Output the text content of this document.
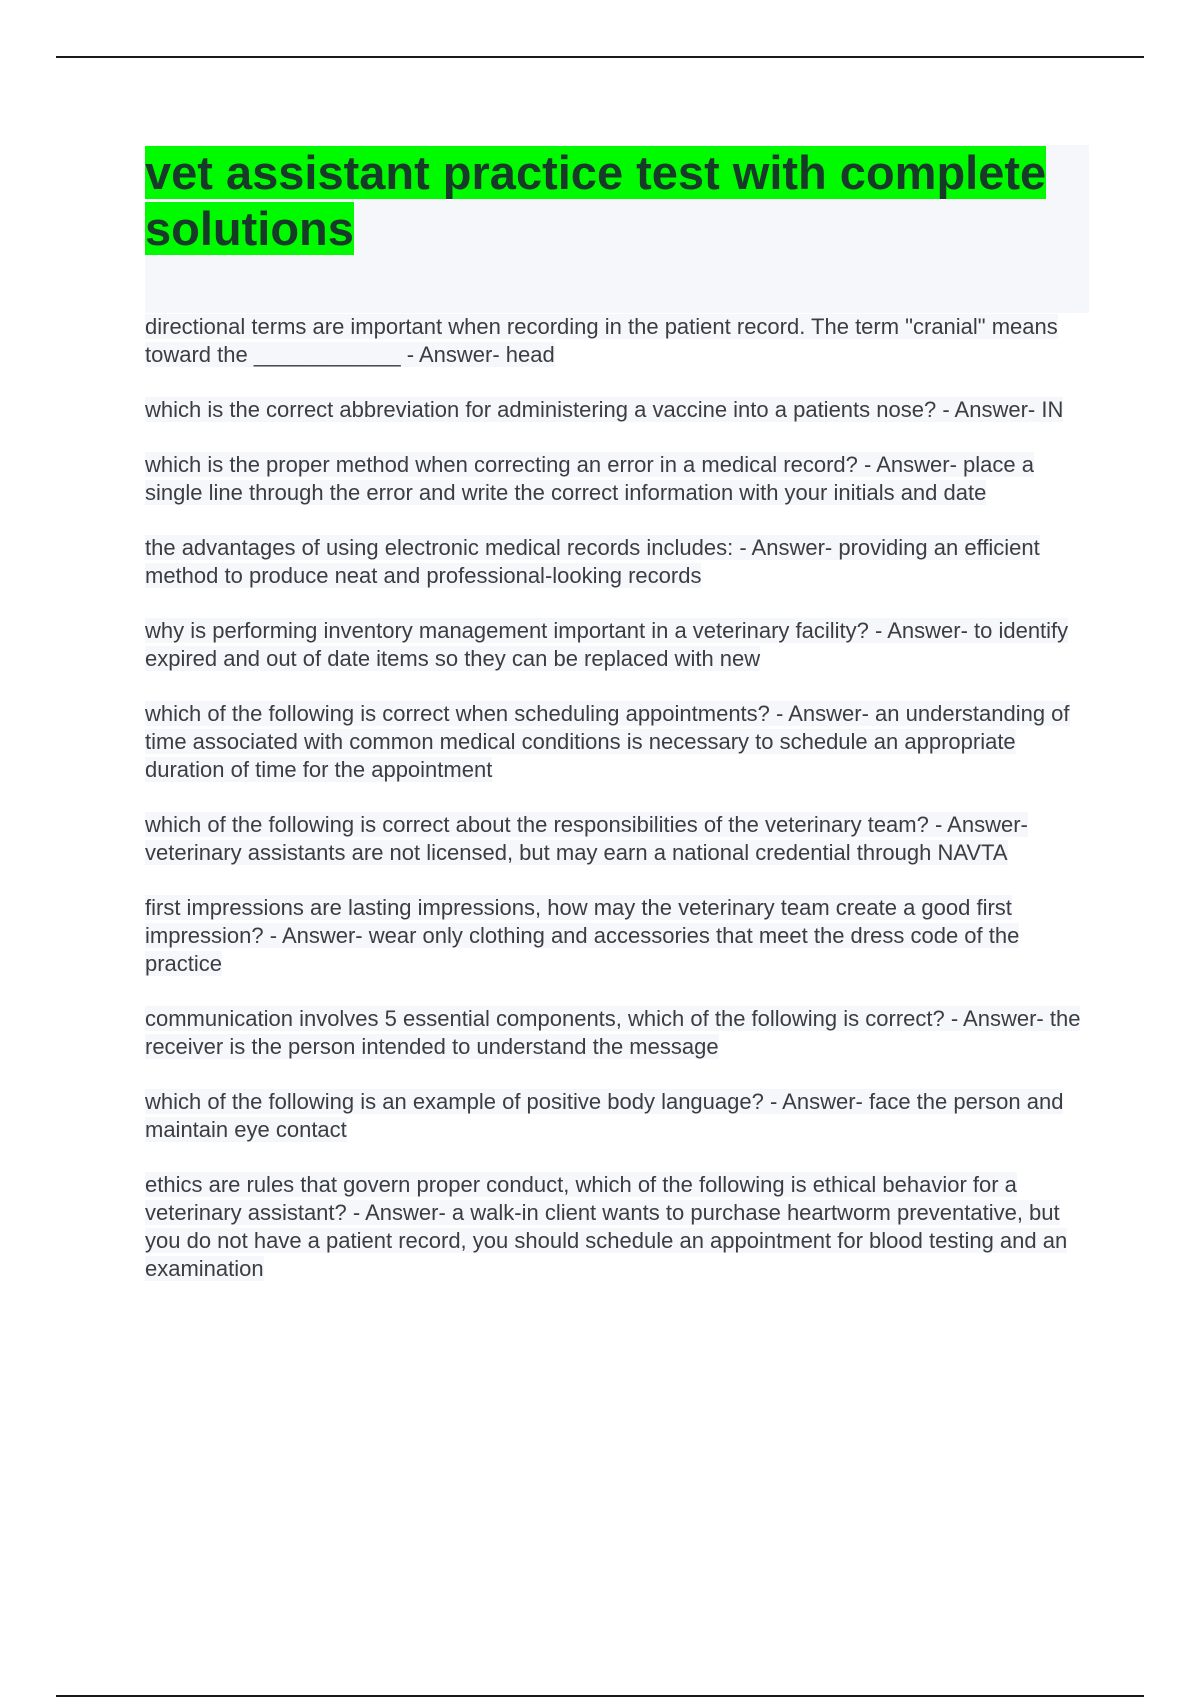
vet assistant practice test with complete solutions

directional terms are important when recording in the patient record. The term "cranial" means toward the ____________ - Answer- head

which is the correct abbreviation for administering a vaccine into a patients nose? - Answer- IN

which is the proper method when correcting an error in a medical record? - Answer- place a single line through the error and write the correct information with your initials and date

the advantages of using electronic medical records includes: - Answer- providing an efficient method to produce neat and professional-looking records

why is performing inventory management important in a veterinary facility? - Answer- to identify expired and out of date items so they can be replaced with new

which of the following is correct when scheduling appointments? - Answer- an understanding of time associated with common medical conditions is necessary to schedule an appropriate duration of time for the appointment

which of the following is correct about the responsibilities of the veterinary team? - Answer- veterinary assistants are not licensed, but may earn a national credential through NAVTA

first impressions are lasting impressions, how may the veterinary team create a good first impression? - Answer- wear only clothing and accessories that meet the dress code of the practice

communication involves 5 essential components, which of the following is correct? - Answer- the receiver is the person intended to understand the message

which of the following is an example of positive body language? - Answer- face the person and maintain eye contact

ethics are rules that govern proper conduct, which of the following is ethical behavior for a veterinary assistant? - Answer- a walk-in client wants to purchase heartworm preventative, but you do not have a patient record, you should schedule an appointment for blood testing and an examination
